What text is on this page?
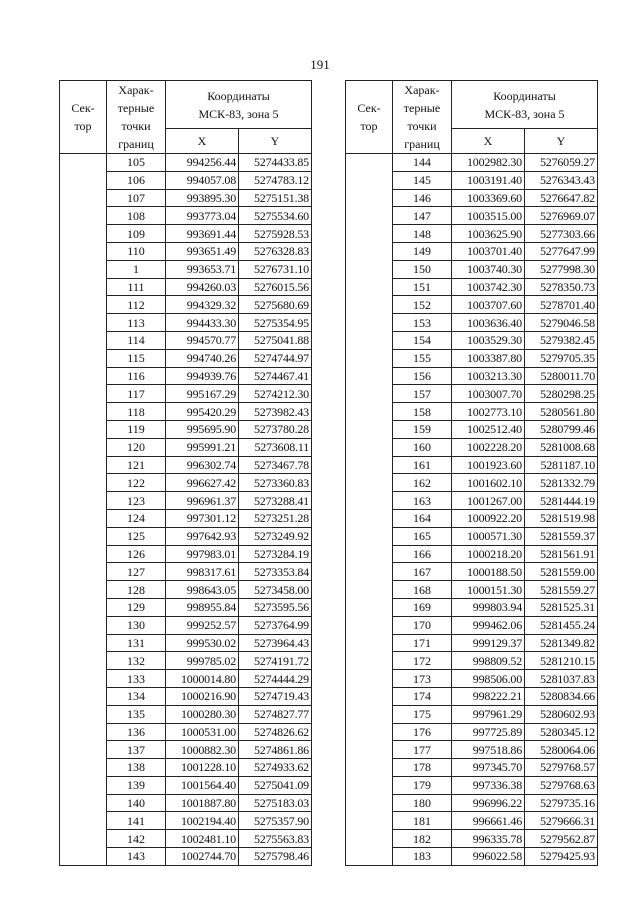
191
Сек-
тор	Харак-
терные
точки
границ	Координаты
МСК-83, зона 5	

		X	Y
	105	994256.44	5274433.85
	106	994057.08	5274783.12
	107	993895.30	5275151.38
	108	993773.04	5275534.60
	109	993691.44	5275928.53
	110	993651.49	5276328.83
	1	993653.71	5276731.10
	111	994260.03	5276015.56
	112	994329.32	5275680.69
	113	994433.30	5275354.95
	114	994570.77	5275041.88
	115	994740.26	5274744.97
	116	994939.76	5274467.41
	117	995167.29	5274212.30
	118	995420.29	5273982.43
	119	995695.90	5273780.28
	120	995991.21	5273608.11
	121	996302.74	5273467.78
	122	996627.42	5273360.83
	123	996961.37	5273288.41
	124	997301.12	5273251.28
	125	997642.93	5273249.92
	126	997983.01	5273284.19
	127	998317.61	5273353.84
	128	998643.05	5273458.00
	129	998955.84	5273595.56
	130	999252.57	5273764.99
	131	999530.02	5273964.43
	132	999785.02	5274191.72
	133	1000014.80	5274444.29
	134	1000216.90	5274719.43
	135	1000280.30	5274827.77
	136	1000531.00	5274826.62
	137	1000882.30	5274861.86
	138	1001228.10	5274933.62
	139	1001564.40	5275041.09
	140	1001887.80	5275183.03
	141	1002194.40	5275357.90
	142	1002481.10	5275563.83
	143	1002744.70	5275798.46
Сек-
тор	Харак-
терные
точки
границ	Координаты
МСК-83, зона 5	

		X	Y
	144	1002982.30	5276059.27
	145	1003191.40	5276343.43
	146	1003369.60	5276647.82
	147	1003515.00	5276969.07
	148	1003625.90	5277303.66
	149	1003701.40	5277647.99
	150	1003740.30	5277998.30
	151	1003742.30	5278350.73
	152	1003707.60	5278701.40
	153	1003636.40	5279046.58
	154	1003529.30	5279382.45
	155	1003387.80	5279705.35
	156	1003213.30	5280011.70
	157	1003007.70	5280298.25
	158	1002773.10	5280561.80
	159	1002512.40	5280799.46
	160	1002228.20	5281008.68
	161	1001923.60	5281187.10
	162	1001602.10	5281332.79
	163	1001267.00	5281444.19
	164	1000922.20	5281519.98
	165	1000571.30	5281559.37
	166	1000218.20	5281561.91
	167	1000188.50	5281559.00
	168	1000151.30	5281559.27
	169	999803.94	5281525.31
	170	999462.06	5281455.24
	171	999129.37	5281349.82
	172	998809.52	5281210.15
	173	998506.00	5281037.83
	174	998222.21	5280834.66
	175	997961.29	5280602.93
	176	997725.89	5280345.12
	177	997518.86	5280064.06
	178	997345.70	5279768.57
	179	997336.38	5279768.63
	180	996996.22	5279735.16
	181	996661.46	5279666.31
	182	996335.78	5279562.87
	183	996022.58	5279425.93
